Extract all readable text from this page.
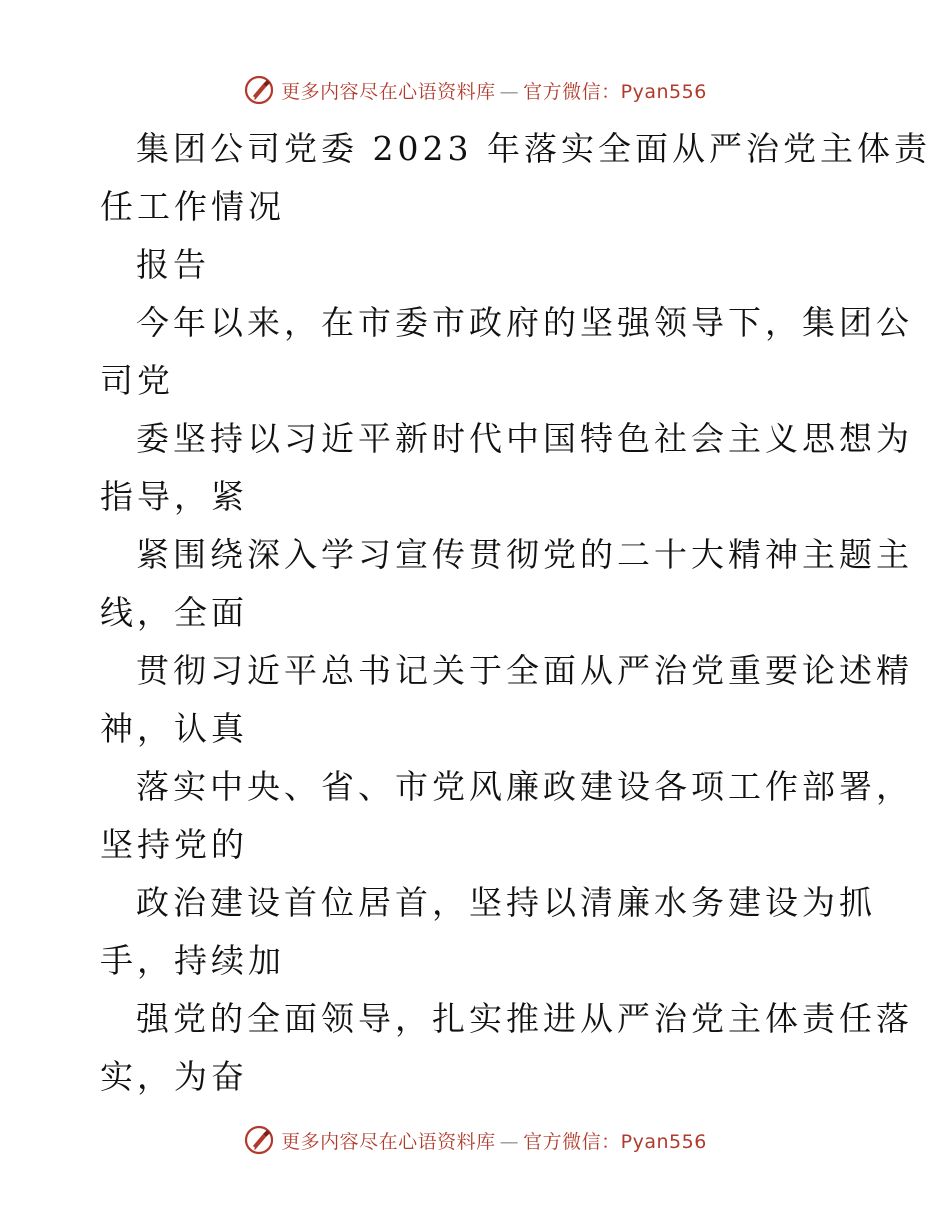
更多内容尽在心语资料库 — 官方微信：Pyan556
集团公司党委 2023 年落实全面从严治党主体责
任工作情况
报告
今年以来，在市委市政府的坚强领导下，集团公
司党
委坚持以习近平新时代中国特色社会主义思想为
指导，紧
紧围绕深入学习宣传贯彻党的二十大精神主题主
线，全面
贯彻习近平总书记关于全面从严治党重要论述精
神，认真
落实中央、省、市党风廉政建设各项工作部署，
坚持党的
政治建设首位居首，坚持以清廉水务建设为抓
手，持续加
强党的全面领导，扎实推进从严治党主体责任落
实，为奋
更多内容尽在心语资料库 — 官方微信：Pyan556
